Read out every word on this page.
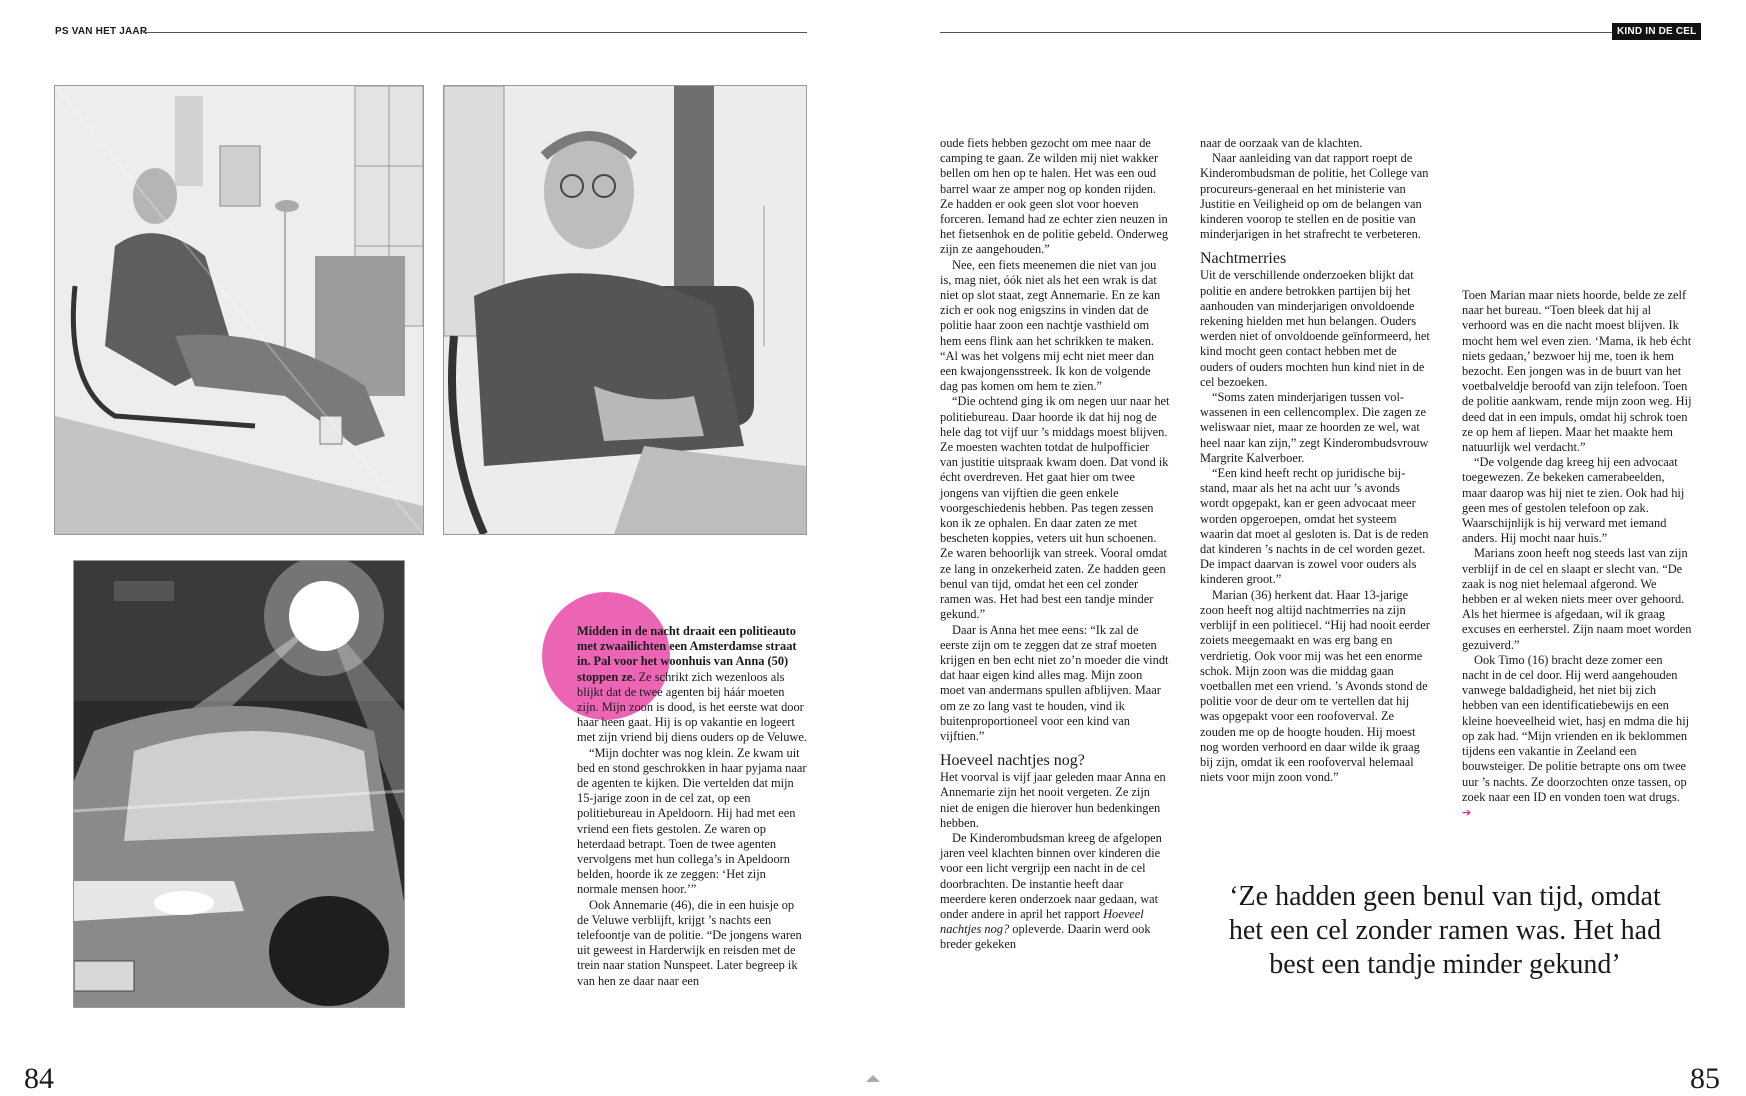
PS VAN HET JAAR	KIND IN DE CEL

Midden in de nacht draait een politieauto met zwaailichten een Amsterdamse straat in. Pal voor het woonhuis van Anna (50) stoppen ze. Ze schrikt zich wezenloos als blijkt dat de twee agenten bij háár moeten zijn. Mijn zoon is dood, is het eerste wat door haar heen gaat. Hij is op vakantie en logeert met zijn vriend bij diens ouders op de Veluwe.

“Mijn dochter was nog klein. Ze kwam uit bed en stond geschrokken in haar pyjama naar de agenten te kijken. Die vertelden dat mijn 15-jarige zoon in de cel zat, op een politiebureau in Apeldoorn. Hij had met een vriend een fiets gestolen. Ze waren op heterdaad betrapt. Toen de twee agenten vervolgens met hun collega’s in Apeldoorn belden, hoorde ik ze zeggen: ‘Het zijn normale mensen hoor.’”

Ook Annemarie (46), die in een huisje op de Veluwe verblijft, krijgt ’s nachts een telefoontje van de politie. “De jongens waren uit geweest in Harderwijk en reisden met de trein naar station Nunspeet. Later begreep ik van hen ze daar naar een

oude fiets hebben gezocht om mee naar de camping te gaan. Ze wilden mij niet wakker bellen om hen op te halen. Het was een oud barrel waar ze amper nog op konden rijden. Ze hadden er ook geen slot voor hoeven forceren. Iemand had ze echter zien neuzen in het fietsenhok en de politie gebeld. Onderweg zijn ze aangehouden.”

Nee, een fiets meenemen die niet van jou is, mag niet, óók niet als het een wrak is dat niet op slot staat, zegt Annemarie. En ze kan zich er ook nog enigszins in vinden dat de politie haar zoon een nachtje vasthield om hem eens flink aan het schrikken te maken. “Al was het volgens mij echt niet meer dan een kwajongensstreek. Ik kon de volgende dag pas komen om hem te zien.”

“Die ochtend ging ik om negen uur naar het politiebureau. Daar hoorde ik dat hij nog de hele dag tot vijf uur ’s middags moest blijven. Ze moesten wachten totdat de hulpofficier van justitie uitspraak kwam doen. Dat vond ik écht overdreven. Het gaat hier om twee jongens van vijftien die geen enkele voorgeschiedenis hebben. Pas tegen zessen kon ik ze ophalen. En daar zaten ze met bescheten koppies, veters uit hun schoenen. Ze waren behoorlijk van streek. Vooral omdat ze lang in onzekerheid zaten. Ze hadden geen benul van tijd, omdat het een cel zonder ramen was. Het had best een tandje minder gekund.”

Daar is Anna het mee eens: “Ik zal de eerste zijn om te zeggen dat ze straf moeten krijgen en ben echt niet zo’n moeder die vindt dat haar eigen kind alles mag. Mijn zoon moet van andermans spullen afblijven. Maar om ze zo lang vast te houden, vind ik buitenproportioneel voor een kind van vijftien.”

Hoeveel nachtjes nog?

Het voorval is vijf jaar geleden maar Anna en Annemarie zijn het nooit vergeten. Ze zijn niet de enigen die hierover hun bedenkingen hebben.

De Kinderombudsman kreeg de afgelopen jaren veel klachten binnen over kinderen die voor een licht vergrijp een nacht in de cel doorbrachten. De instantie heeft daar meerdere keren onderzoek naar gedaan, wat onder andere in april het rapport Hoeveel nachtjes nog? opleverde. Daarin werd ook breder gekeken

naar de oorzaak van de klachten.

Naar aanleiding van dat rapport roept de Kinderombudsman de politie, het College van procureurs-generaal en het ministerie van Justitie en Veiligheid op om de belangen van kinderen voorop te stellen en de positie van minderjarigen in het strafrecht te verbeteren.

Nachtmerries

Uit de verschillende onderzoeken blijkt dat politie en andere betrokken partijen bij het aanhouden van minderjarigen onvoldoende rekening hielden met hun belangen. Ouders werden niet of onvoldoende geïnformeerd, het kind mocht geen contact hebben met de ouders of ouders mochten hun kind niet in de cel bezoeken.

“Soms zaten minderjarigen tussen volwassenen in een cellencomplex. Die zagen ze weliswaar niet, maar ze hoorden ze wel, wat heel naar kan zijn,” zegt Kinderombudsvrouw Margrite Kalverboer.

“Een kind heeft recht op juridische bijstand, maar als het na acht uur ’s avonds wordt opgepakt, kan er geen advocaat meer worden opgeroepen, omdat het systeem waarin dat moet al gesloten is. Dat is de reden dat kinderen ’s nachts in de cel worden gezet. De impact daarvan is zowel voor ouders als kinderen groot.”

Marian (36) herkent dat. Haar 13-jarige zoon heeft nog altijd nachtmerries na zijn verblijf in een politiecel. “Hij had nooit eerder zoiets meegemaakt en was erg bang en verdrietig. Ook voor mij was het een enorme schok. Mijn zoon was die middag gaan voetballen met een vriend. ’s Avonds stond de politie voor de deur om te vertellen dat hij was opgepakt voor een roofoverval. Ze zouden me op de hoogte houden. Hij moest nog worden verhoord en daar wilde ik graag bij zijn, omdat ik een roofoverval helemaal niets voor mijn zoon vond.”

Toen Marian maar niets hoorde, belde ze zelf naar het bureau. “Toen bleek dat hij al verhoord was en die nacht moest blijven. Ik mocht hem wel even zien. ‘Mama, ik heb écht niets gedaan,’ bezwoer hij me, toen ik hem bezocht. Een jongen was in de buurt van het voetbalveldje beroofd van zijn telefoon. Toen de politie aankwam, rende mijn zoon weg. Hij deed dat in een impuls, omdat hij schrok toen ze op hem af liepen. Maar het maakte hem natuurlijk wel verdacht.”

“De volgende dag kreeg hij een advocaat toegewezen. Ze bekeken camerabeelden, maar daarop was hij niet te zien. Ook had hij geen mes of gestolen telefoon op zak. Waarschijnlijk is hij verward met iemand anders. Hij mocht naar huis.”

Marians zoon heeft nog steeds last van zijn verblijf in de cel en slaapt er slecht van. “De zaak is nog niet helemaal afgerond. We hebben er al weken niets meer over gehoord. Als het hiermee is afgedaan, wil ik graag excuses en eerherstel. Zijn naam moet worden gezuiverd.”

Ook Timo (16) bracht deze zomer een nacht in de cel door. Hij werd aangehouden vanwege baldadigheid, het niet bij zich hebben van een identificatiebewijs en een kleine hoeveelheid wiet, hasj en mdma die hij op zak had. “Mijn vrienden en ik beklommen tijdens een vakantie in Zeeland een bouwsteiger. De politie betrapte ons om twee uur ’s nachts. Ze doorzochten onze tassen, op zoek naar een ID en vonden toen wat drugs. ➔

‘Ze hadden geen benul van tijd, omdat het een cel zonder ramen was. Het had best een tandje minder gekund’
84	85
